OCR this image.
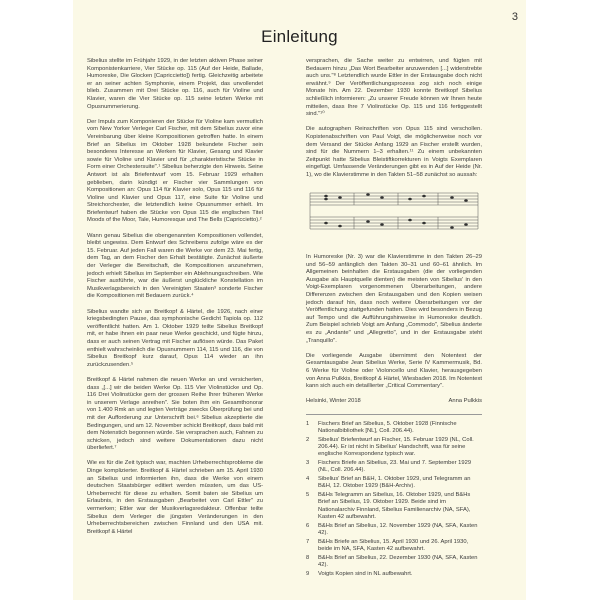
3
Einleitung

Sibelius stellte im Frühjahr 1929, in der letzten aktiven Phase seiner Komponistenkarriere, Vier Stücke op. 115 (Auf der Heide, Ballade, Humoreske, Die Glocken [Capriccietto]) fertig. Gleichzeitig arbeitete er an seiner achten Symphonie, einem Projekt, das unvollendet blieb. Zusammen mit Drei Stücke op. 116, auch für Violine und Klavier, waren die Vier Stücke op. 115 seine letzten Werke mit Opusnummerierung.

Der Impuls zum Komponieren der Stücke für Violine kam vermutlich vom New Yorker Verleger Carl Fischer, mit dem Sibelius zuvor eine Vereinbarung über kleine Kompositionen getroffen hatte. In einem Brief an Sibelius im Oktober 1928 bekundete Fischer sein besonderes Interesse an Werken für Klavier, Gesang und Klavier sowie für Violine und Klavier und für „charakteristische Stücke in Form einer Orchestersuite".¹ Sibelius beherzigte den Hinweis. Seine Antwort ist als Briefentwurf vom 15. Februar 1929 erhalten geblieben, darin kündigt er Fischer vier Sammlungen von Kompositionen an: Opus 114 für Klavier solo, Opus 115 und 116 für Violine und Klavier und Opus 117, eine Suite für Violine und Streichorchester, die letztendlich keine Opusnummer erhielt. Im Briefentwurf haben die Stücke von Opus 115 die englischen Titel Moods of the Moor, Tale, Humoresque und The Bells (Capriccietto).²

Wann genau Sibelius die obengenannten Kompositionen vollendet, bleibt ungewiss. Dem Entwurf des Schreibens zufolge wäre es der 15. Februar. Auf jeden Fall waren die Werke vor dem 23. Mai fertig, dem Tag, an dem Fischer den Erhalt bestätigte. Zunächst äußerte der Verleger die Bereitschaft, die Kompositionen anzunehmen, jedoch erhielt Sibelius im September ein Ablehnungsschreiben. Wie Fischer ausführte, war die äußerst unglückliche Konstellation im Musikverlagsbereich in den Vereinigten Staaten³ sonderte Fischer die Kompositionen mit Bedauern zurück.⁴

Sibelius wandte sich an Breitkopf & Härtel, die 1926, nach einer kriegsbedingten Pause, das symphonische Gedicht Tapiola op. 112 veröffentlicht hatten. Am 1. Oktober 1929 teilte Sibelius Breitkopf mit, er habe ihnen ein paar neue Werke geschickt, und fügte hinzu, dass er auch seinen Vertrag mit Fischer auflösen würde. Das Paket enthielt wahrscheinlich die Opusnummern 114, 115 und 116, die von Sibelius Breitkopf kurz darauf, Opus 114 wieder an ihn zurückzusenden.⁵

Breitkopf & Härtel nahmen die neuen Werke an und versicherten, dass „[...] wir die beiden Werke Op. 115 Vier Violinstücke und Op. 116 Drei Violinstücke gern der grossen Reihe Ihrer früheren Werke in unserem Verlage anreihen". Sie boten ihm ein Gesamthonorar von 1.400 Rmk an und legten Verträge zwecks Überprüfung bei und mit der Aufforderung zur Unterschrift bei.⁶ Sibelius akzeptierte die Bedingungen, und am 12. November schickt Breitkopf, dass bald mit dem Notenstich begonnen würde. Sie versprachen auch, Fahnen zu schicken, jedoch sind weitere Dokumentationen dazu nicht überliefert.⁷

Wie es für die Zeit typisch war, machten Urheberrechtsprobleme die Dinge komplizierter. Breitkopf & Härtel schrieben am 15. April 1930 an Sibelius und informierten ihn, dass die Werke von einem deutschen Staatsbürger editiert werden müssten, um das US-Urheberrecht für diese zu erhalten. Somit baten sie Sibelius um Erlaubnis, in den Erstausgaben „Bearbeitet von Carl Ettler" zu vermerken; Ettler war der Musikverlagsredakteur. Offenbar teilte Sibelius dem Verleger die jüngsten Veränderungen in den Urheberrechtsbereichen zwischen Finnland und den USA mit. Breitkopf & Härtel

versprachen, die Sache weiter zu entwirren, und fügten mit Bedauern hinzu „Das Wort Bearbeiter anzuwenden [...] widerstrebte auch uns."⁸ Letztendlich wurde Ettler in der Erstausgabe doch nicht erwähnt.⁹ Der Veröffentlichungsprozess zog sich noch einige Monate hin. Am 22. Dezember 1930 konnte Breitkopf Sibelius schließlich informieren: „Zu unserer Freude können wir Ihnen heute mitteilen, dass Ihre 7 Violinstücke Op. 115 und 116 fertiggestellt sind."¹⁰

Die autographen Reinschriften von Opus 115 sind verschollen. Kopistenabschriften von Paul Voigt, die möglicherweise noch vor dem Versand der Stücke Anfang 1929 an Fischer erstellt wurden, sind für die Nummern 1–3 erhalten.¹¹ Zu einem unbekannten Zeitpunkt hatte Sibelius Bleistiftkorrekturen in Voigts Exemplaren eingefügt. Umfassende Veränderungen gibt es in Auf der Heide (Nr. 1), wo die Klavierstimme in den Takten 51–58 zunächst so aussah:

In Humoreske (Nr. 3) war die Klavierstimme in den Takten 26–29 und 56–59 anfänglich den Takten 30–31 und 60–61 ähnlich. Im Allgemeinen beinhalten die Erstausgaben (die der vorliegenden Ausgabe als Hauptquelle dienten) die meisten von Sibelius' in den Voigt-Exemplaren vorgenommenen Überarbeitungen, andere Differenzen zwischen den Erstausgaben und den Kopien weisen jedoch darauf hin, dass noch weitere Überarbeitungen vor der Veröffentlichung stattgefunden hatten. Dies wird besonders in Bezug auf Tempo und die Aufführungshinweise in Humoreske deutlich. Zum Beispiel schrieb Voigt am Anfang „Commodo", Sibelius änderte es zu „Andante" und „Allegretto", und in der Erstausgabe steht „Tranquillo".

Die vorliegende Ausgabe übernimmt den Notentext der Gesamtausgabe Jean Sibelius Werke, Serie IV Kammermusik, Bd. 6 Werke für Violine oder Violoncello und Klavier, herausgegeben von Anna Pulkkis, Breitkopf & Härtel, Wiesbaden 2018. Im Notentext kann sich auch ein detaillierter „Critical Commentary".

Helsinki, Winter 2018	Anna Pulkkis
1	Fischers Brief an Sibelius, 5. Oktober 1928 (Finnische Nationalbibliothek [NL], Coll. 206.44).
2	Sibelius' Briefentwurf an Fischer, 15. Februar 1929 (NL, Coll. 206.44). Er ist nicht in Sibelius' Handschrift, was für seine englische Korrespondenz typisch war.
3	Fischers Briefe an Sibelius, 23. Mai und 7. September 1929 (NL, Coll. 206.44).
4	Sibelius' Brief an B&H, 1. Oktober 1929, und Telegramm an B&H, 12. Oktober 1929 (B&H-Archiv).
5	B&Hs Telegramm an Sibelius, 16. Oktober 1929, und B&Hs Brief an Sibelius, 19. Oktober 1929. Beide sind im Nationalarchiv Finnland, Sibelius Familienarchiv (NA, SFA), Kasten 42 aufbewahrt.
6	B&Hs Brief an Sibelius, 12. November 1929 (NA, SFA, Kasten 42).
7	B&Hs Briefe an Sibelius, 15. April 1930 und 26. April 1930, beide im NA, SFA, Kasten 42 aufbewahrt.
8	B&Hs Brief an Sibelius, 22. Dezember 1930 (NA, SFA, Kasten 42).
9	Voigts Kopien sind in NL aufbewahrt.
